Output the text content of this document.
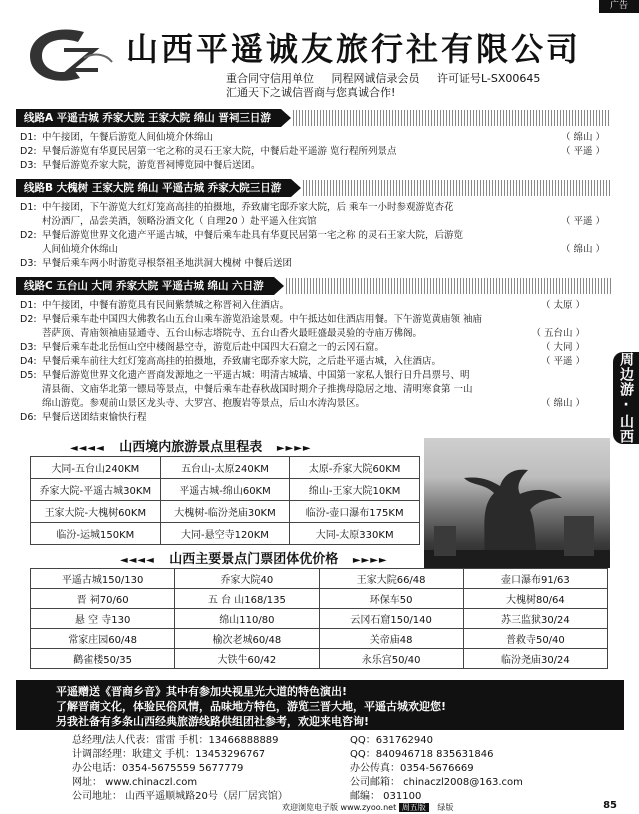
广告
山西平遥诚友旅行社有限公司
重合同守信用单位 同程网诚信录会员 许可证号L-SX00645
汇通天下之诚信晋商与您真诚合作!
线路A 平遥古城 乔家大院 王家大院 绵山 晋祠三日游
D1: 中午接团，午餐后游览人间仙境介休绵山	（ 绵山 ）
D2: 早餐后游览有华夏民居第一宅之称的灵石王家大院，中餐后赴平遥游 览行程所列景点	（ 平遥 ）
D3: 早餐后游览乔家大院，游览晋祠博览园中餐后送团。
线路B 大槐树 王家大院 绵山 平遥古城 乔家大院三日游
D1: 中午接团，下午游览大红灯笼高高挂的拍摄地，乔致庸宅邸乔家大院，后 乘车一小时参观游览杏花
村汾酒厂，品尝美酒，领略汾酒文化（ 自理20 ）赴平遥入住宾馆	（ 平遥 ）
D2: 早餐后游览世界文化遗产平遥古城，中餐后乘车赴具有华夏民居第一宅之称 的灵石王家大院，后游览
人间仙境介休绵山	（ 绵山 ）
D3: 早餐后乘车两小时游览寻根祭祖圣地洪洞大槐树 中餐后送团
线路C 五台山 大同 乔家大院 平遥古城 绵山 六日游
D1: 中午接团，中餐有游览具有民间紫禁城之称晋祠入住酒店。	（ 太原 ）
D2: 早餐后乘车赴中国四大佛教名山五台山乘车游览沿途景观。中午抵达如住酒店用餐。下午游览黄庙领 袖庙
菩萨顶、青庙领袖庙显通寺、五台山标志塔院寺、五台山香火最旺盛最灵验的寺庙万佛阁。	（ 五台山 ）
D3: 早餐后乘车赴北岳恒山空中楼阁悬空寺，游览后赴中国四大石窟之一的云冈石窟。	（ 大同 ）
D4: 早餐后乘车前往大红灯笼高高挂的拍摄地，乔致庸宅邸乔家大院，之后赴平遥古城，入住酒店。	（ 平遥 ）
D5: 早餐后游览世界文化遗产晋商发源地之一平遥古城：明清古城墙、中国第一家私人银行日升昌票号、明
清县衙、文庙华北第一镖局等景点，中餐后乘车赴春秋战国时期介子推携母隐居之地、清明寒食第 一山
绵山游览。参观前山景区龙头寺、大罗宫、抱腹岩等景点，后山水涛沟景区。	（ 绵山 ）
D6: 早餐后送团结束愉快行程	周边游·山西
◄◄◄◄ 山西境内旅游景点里程表 ►►►►
大同-五台山240KM	五台山-太原240KM	太原-乔家大院60KM
乔家大院-平遥古城30KM	平遥古城-绵山60KM	绵山-王家大院10KM
王家大院-大槐树60KM	大槐树-临汾尧庙30KM	临汾-壶口瀑布175KM
临汾-运城150KM	大同-悬空寺120KM	大同-太原330KM
◄◄◄◄ 山西主要景点门票团体优价格 ►►►►
平遥古城150/130	乔家大院40	王家大院66/48	壶口瀑布91/63
晋 祠70/60	五 台 山168/135	环保车50	大槐树80/64
悬 空 寺130	绵山110/80	云冈石窟150/140	苏三监狱30/24
常家庄园60/48	榆次老城60/48	关帝庙48	普救寺50/40
鹳雀楼50/35	大铁牛60/42	永乐宫50/40	临汾尧庙30/24
平遥赠送《晋商乡音》其中有参加央视星光大道的特色演出!
了解晋商文化，体验民俗风情，品味地方特色，游览三晋大地，平遥古城欢迎您!
另我社备有多条山西经典旅游线路供组团社参考，欢迎来电咨询!
总经理/法人代表：雷雷 手机：13466888889	QQ：631762940
计调部经理：耿建文 手机：13453296767	QQ：840946718 835631846
办公电话：0354-5675559 5677779	办公传真：0354-5676669
网址： www.chinaczl.com	公司邮箱： chinaczl2008@163.com
公司地址： 山西平遥顺城路20号（居厂居宾馆）	邮编： 031100
欢迎浏览电子版 www.zyoo.net 周五版 绿版	85
